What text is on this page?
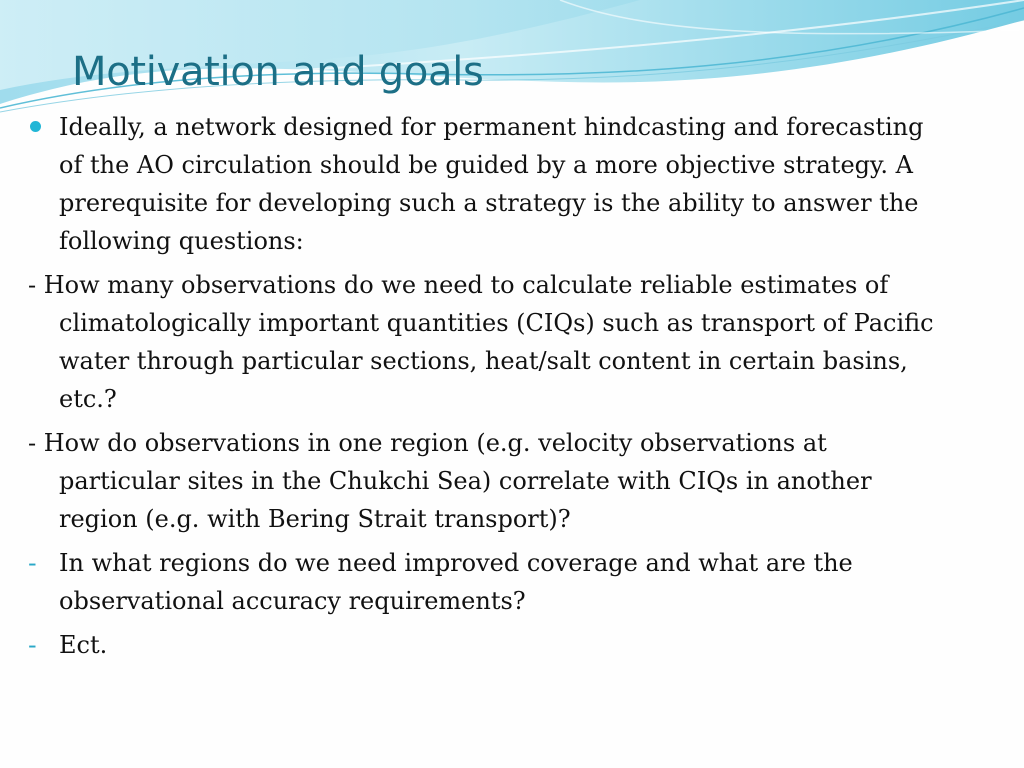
Motivation and goals

Ideally, a network designed for permanent hindcasting and forecasting of the AO circulation should be guided by a more objective strategy. A prerequisite for developing such a strategy is the ability to answer the following questions:

- How many observations do we need to calculate reliable estimates of climatologically important quantities (CIQs) such as transport of Pacific water through particular sections, heat/salt content in certain basins, etc.?

- How do observations in one region (e.g. velocity observations at particular sites in the Chukchi Sea) correlate with CIQs in another region (e.g. with Bering Strait transport)?

- In what regions do we need improved coverage and what are the observational accuracy requirements?

- Ect.
